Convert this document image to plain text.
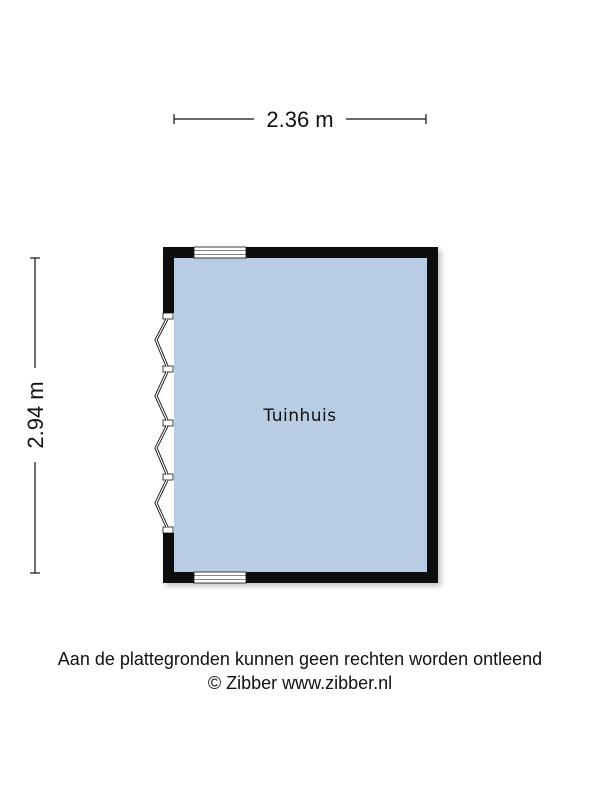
2.36 m
2.94 m	Tuinhuis
Aan de plattegronden kunnen geen rechten worden ontleend
© Zibber www.zibber.nl
